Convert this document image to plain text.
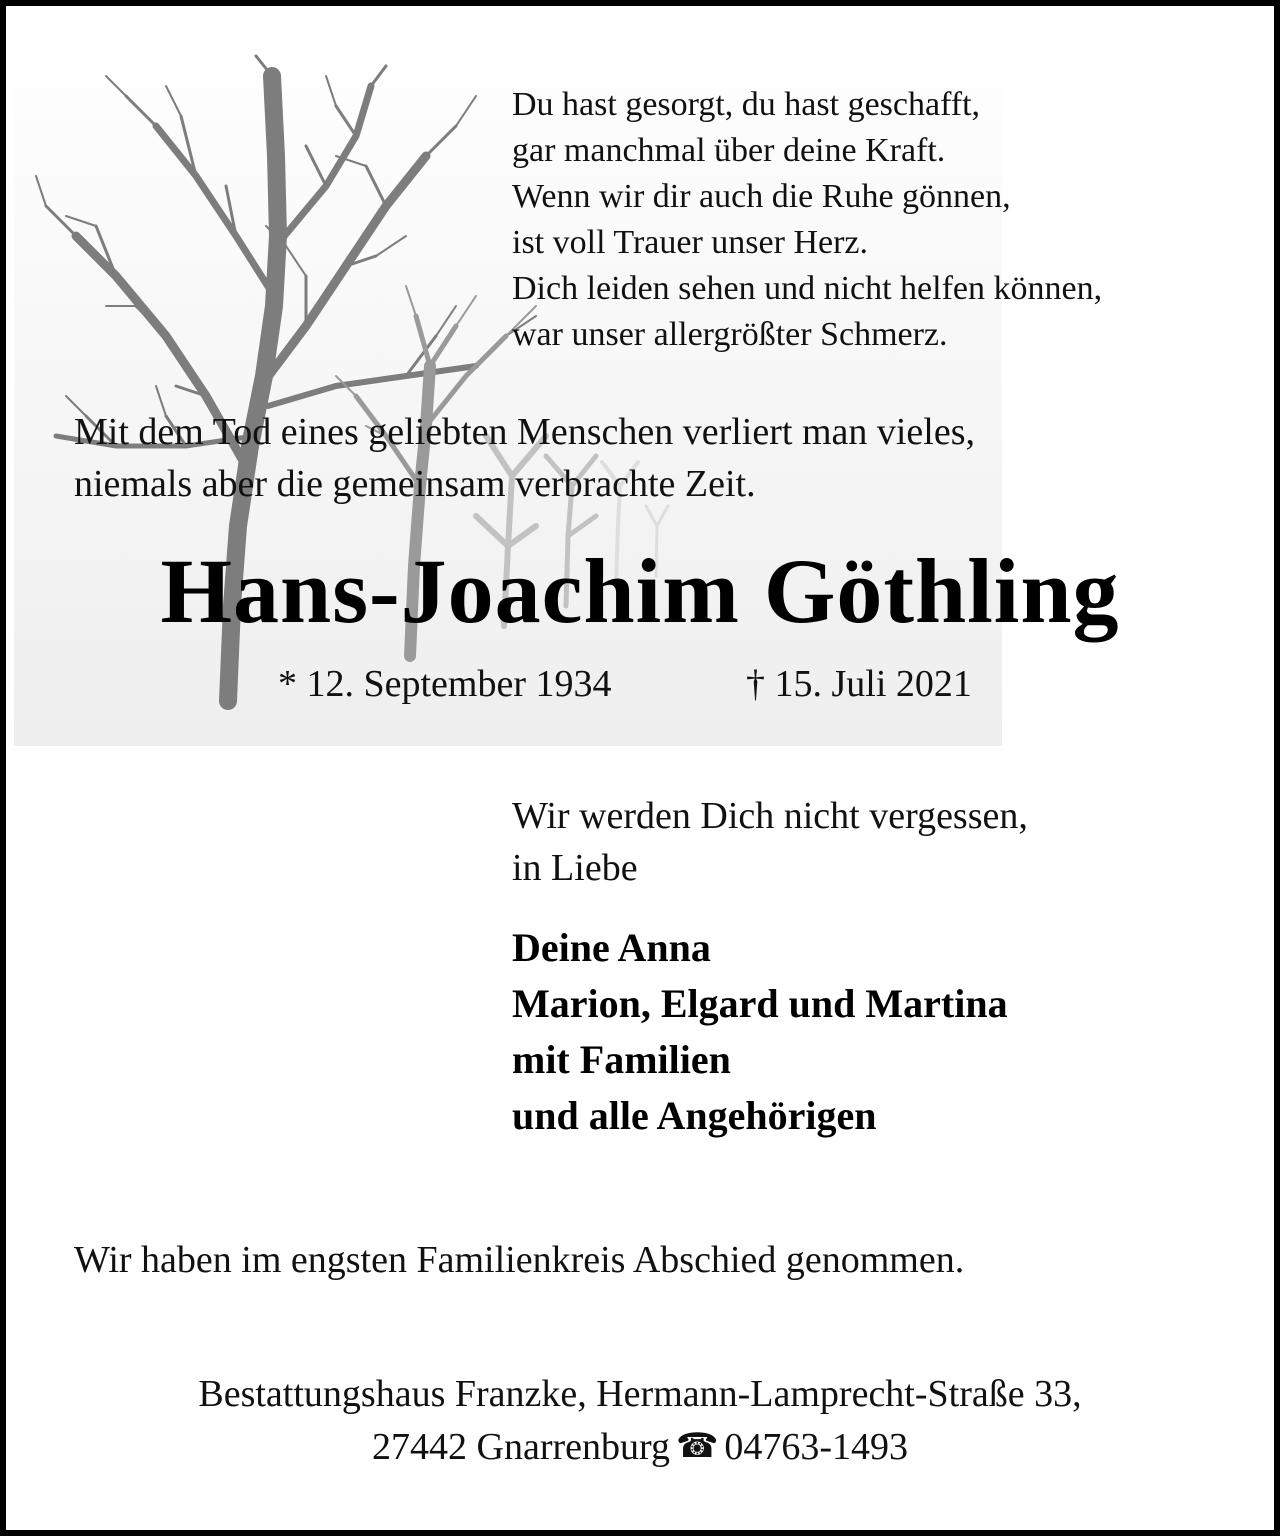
Du hast gesorgt, du hast geschafft,
gar manchmal über deine Kraft.
Wenn wir dir auch die Ruhe gönnen,
ist voll Trauer unser Herz.
Dich leiden sehen und nicht helfen können,
war unser allergrößter Schmerz.
Mit dem Tod eines geliebten Menschen verliert man vieles,
niemals aber die gemeinsam verbrachte Zeit.
Hans-Joachim Göthling
* 12. September 1934	† 15. Juli 2021
Wir werden Dich nicht vergessen,
in Liebe
Deine Anna
Marion, Elgard und Martina
mit Familien
und alle Angehörigen
Wir haben im engsten Familienkreis Abschied genommen.
Bestattungshaus Franzke, Hermann-Lamprecht-Straße 33,
27442 Gnarrenburg ☎ 04763-1493
